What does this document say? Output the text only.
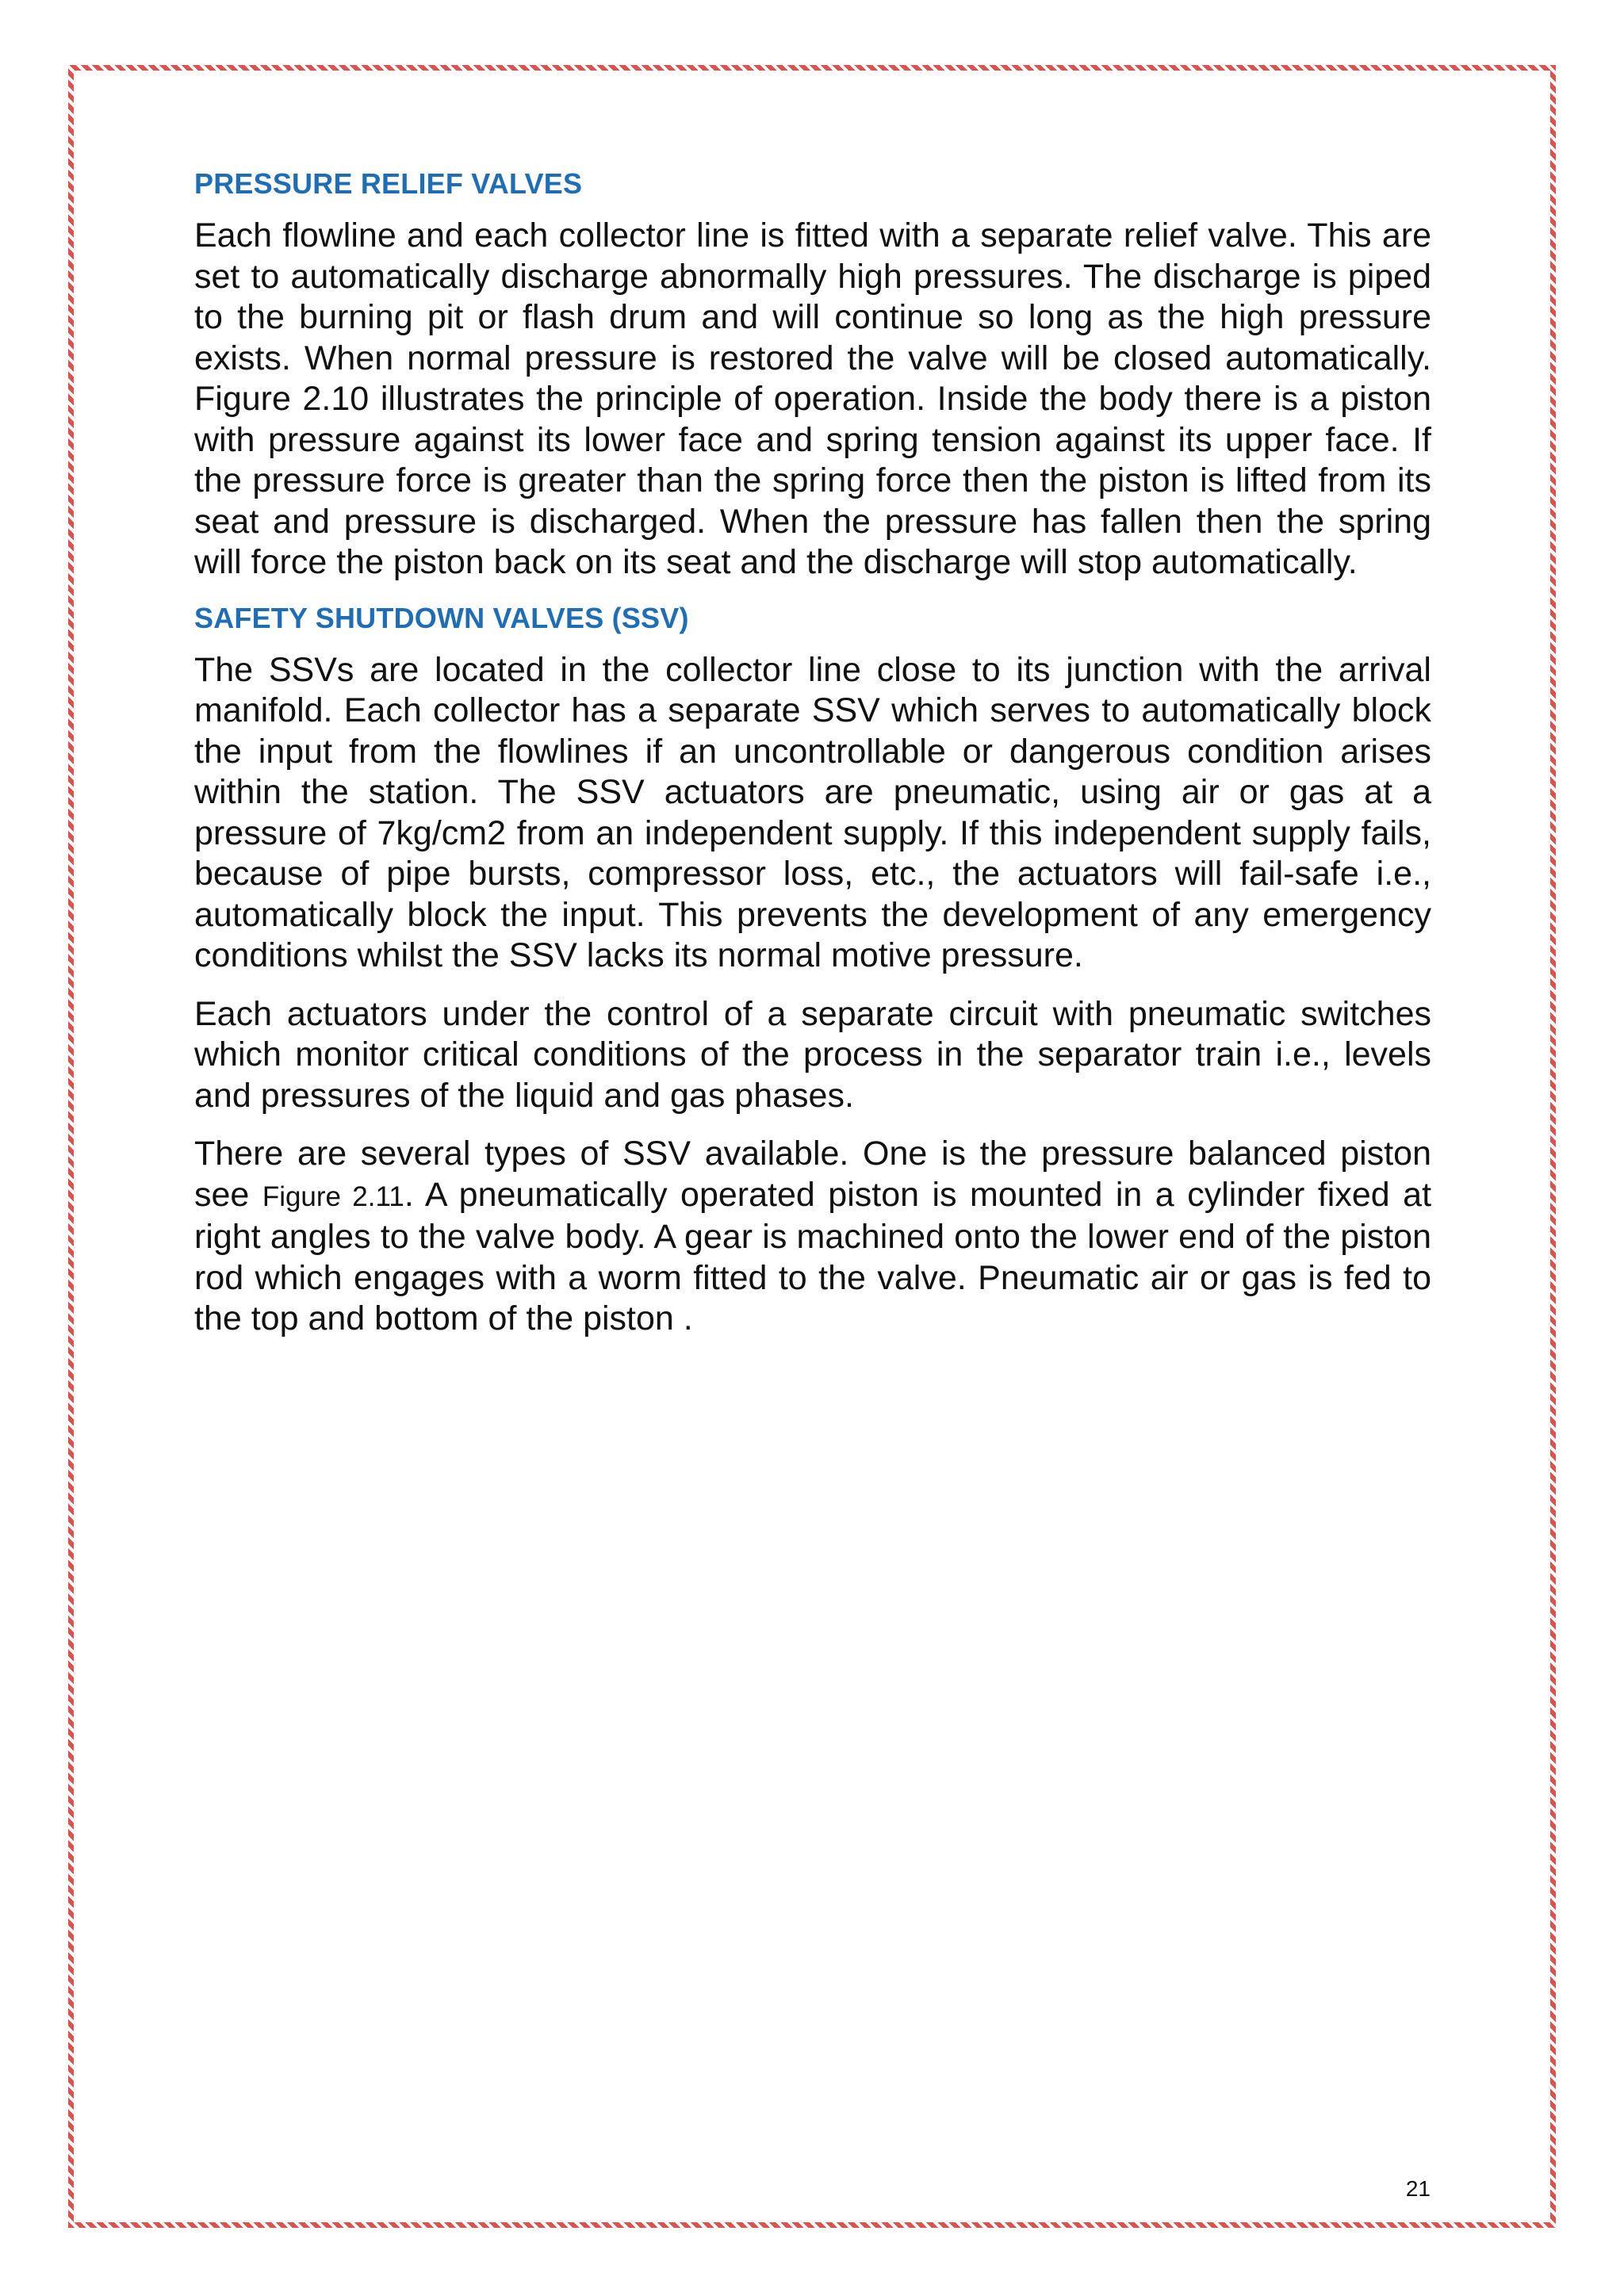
PRESSURE RELIEF VALVES

Each flowline and each collector line is fitted with a separate relief valve. This are set to automatically discharge abnormally high pressures. The discharge is piped to the burning pit or flash drum and will continue so long as the high pressure exists. When normal pressure is restored the valve will be closed automatically. Figure 2.10 illustrates the principle of operation. Inside the body there is a piston with pressure against its lower face and spring tension against its upper face. If the pressure force is greater than the spring force then the piston is lifted from its seat and pressure is discharged. When the pressure has fallen then the spring will force the piston back on its seat and the discharge will stop automatically.

SAFETY SHUTDOWN VALVES (SSV)

The SSVs are located in the collector line close to its junction with the arrival manifold. Each collector has a separate SSV which serves to automatically block the input from the flowlines if an uncontrollable or dangerous condition arises within the station. The SSV actuators are pneumatic, using air or gas at a pressure of 7kg/cm2 from an independent supply. If this independent supply fails, because of pipe bursts, compressor loss, etc., the actuators will fail-safe i.e., automatically block the input. This prevents the development of any emergency conditions whilst the SSV lacks its normal motive pressure.

Each actuators under the control of a separate circuit with pneumatic switches which monitor critical conditions of the process in the separator train i.e., levels and pressures of the liquid and gas phases.

There are several types of SSV available. One is the pressure balanced piston see Figure 2.11. A pneumatically operated piston is mounted in a cylinder fixed at right angles to the valve body. A gear is machined onto the lower end of the piston rod which engages with a worm fitted to the valve. Pneumatic air or gas is fed to the top and bottom of the piston .

21
